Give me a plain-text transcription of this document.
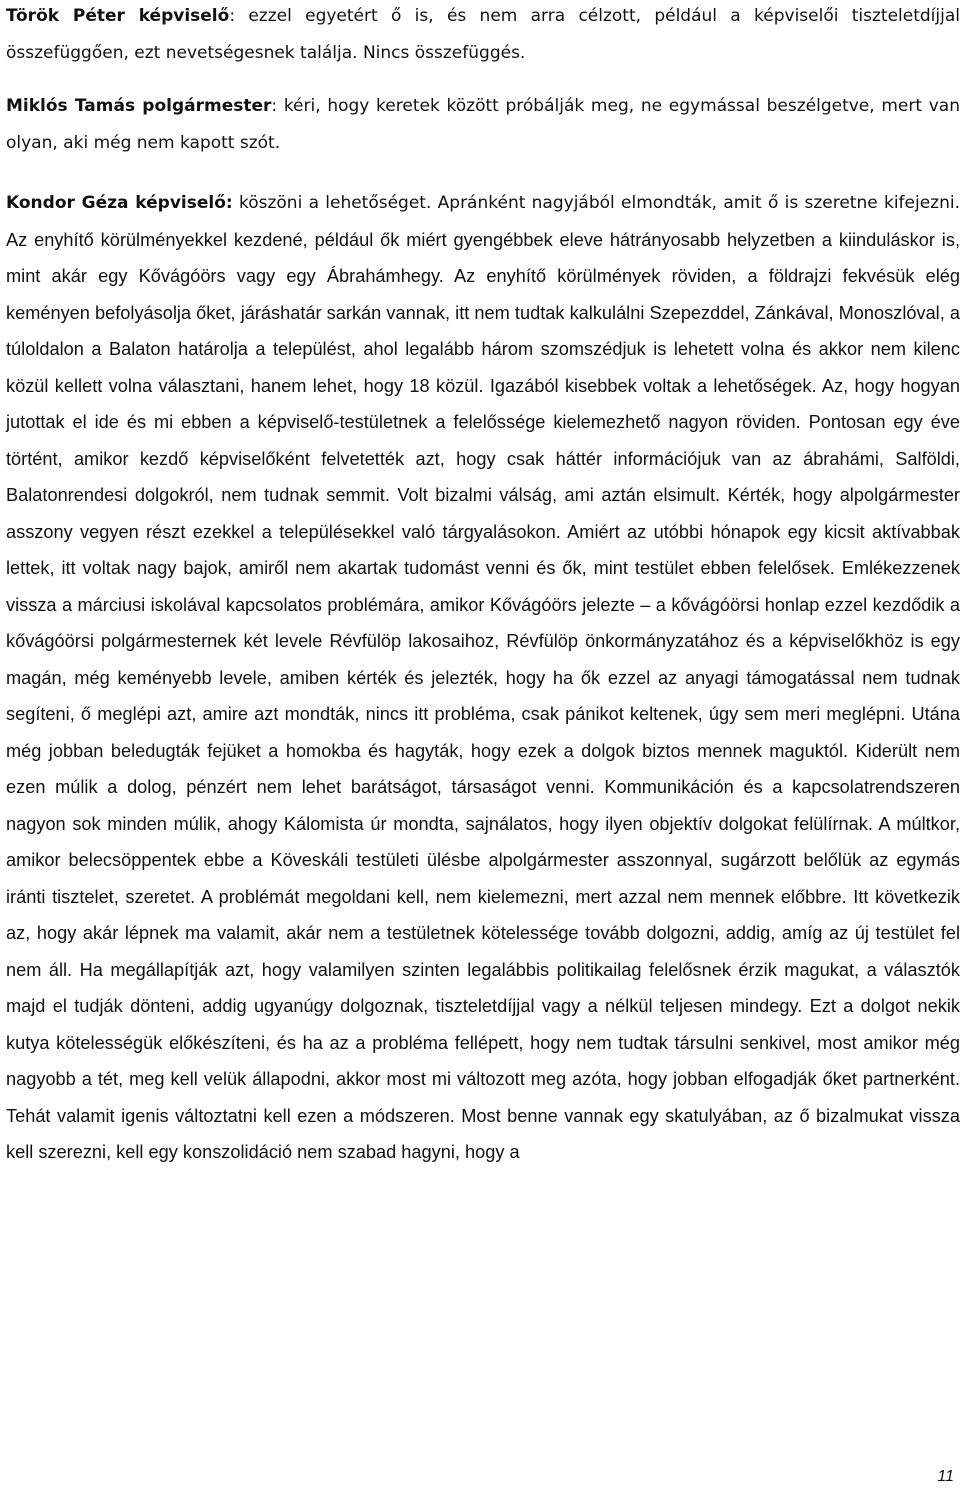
Török Péter képviselő: ezzel egyetért ő is, és nem arra célzott, például a képviselői tiszteletdíjjal összefüggően, ezt nevetségesnek találja. Nincs összefüggés.

Miklós Tamás polgármester: kéri, hogy keretek között próbálják meg, ne egymással beszélgetve, mert van olyan, aki még nem kapott szót.

Kondor Géza képviselő: köszöni a lehetőséget. Apránként nagyjából elmondták, amit ő is szeretne kifejezni. Az enyhítő körülményekkel kezdené, például ők miért gyengébbek eleve hátrányosabb helyzetben a kiinduláskor is, mint akár egy Kővágóörs vagy egy Ábrahámhegy. Az enyhítő körülmények röviden, a földrajzi fekvésük elég keményen befolyásolja őket, járáshatár sarkán vannak, itt nem tudtak kalkulálni Szepezddel, Zánkával, Monoszlóval, a túloldalon a Balaton határolja a települést, ahol legalább három szomszédjuk is lehetett volna és akkor nem kilenc közül kellett volna választani, hanem lehet, hogy 18 közül. Igazából kisebbek voltak a lehetőségek. Az, hogy hogyan jutottak el ide és mi ebben a képviselő-testületnek a felelőssége kielemezhető nagyon röviden. Pontosan egy éve történt, amikor kezdő képviselőként felvetették azt, hogy csak háttér információjuk van az ábrahámi, Salföldi, Balatonrendesi dolgokról, nem tudnak semmit. Volt bizalmi válság, ami aztán elsimult. Kérték, hogy alpolgármester asszony vegyen részt ezekkel a településekkel való tárgyalásokon. Amiért az utóbbi hónapok egy kicsit aktívabbak lettek, itt voltak nagy bajok, amiről nem akartak tudomást venni és ők, mint testület ebben felelősek. Emlékezzenek vissza a márciusi iskolával kapcsolatos problémára, amikor Kővágóörs jelezte – a kővágóörsi honlap ezzel kezdődik a kővágóörsi polgármesternek két levele Révfülöp lakosaihoz, Révfülöp önkormányzatához és a képviselőkhöz is egy magán, még keményebb levele, amiben kérték és jelezték, hogy ha ők ezzel az anyagi támogatással nem tudnak segíteni, ő meglépi azt, amire azt mondták, nincs itt probléma, csak pánikot keltenek, úgy sem meri meglépni. Utána még jobban beledugták fejüket a homokba és hagyták, hogy ezek a dolgok biztos mennek maguktól. Kiderült nem ezen múlik a dolog, pénzért nem lehet barátságot, társaságot venni. Kommunikáción és a kapcsolatrendszeren nagyon sok minden múlik, ahogy Kálomista úr mondta, sajnálatos, hogy ilyen objektív dolgokat felülírnak. A múltkor, amikor belecsöppentek ebbe a Köveskáli testületi ülésbe alpolgármester asszonnyal, sugárzott belőlük az egymás iránti tisztelet, szeretet. A problémát megoldani kell, nem kielemezni, mert azzal nem mennek előbbre. Itt következik az, hogy akár lépnek ma valamit, akár nem a testületnek kötelessége tovább dolgozni, addig, amíg az új testület fel nem áll. Ha megállapítják azt, hogy valamilyen szinten legalábbis politikailag felelősnek érzik magukat, a választók majd el tudják dönteni, addig ugyanúgy dolgoznak, tiszteletdíjjal vagy a nélkül teljesen mindegy. Ezt a dolgot nekik kutya kötelességük előkészíteni, és ha az a probléma fellépett, hogy nem tudtak társulni senkivel, most amikor még nagyobb a tét, meg kell velük állapodni, akkor most mi változott meg azóta, hogy jobban elfogadják őket partnerként. Tehát valamit igenis változtatni kell ezen a módszeren. Most benne vannak egy skatulyában, az ő bizalmukat vissza kell szerezni, kell egy konszolidáció nem szabad hagyni, hogy a

11
